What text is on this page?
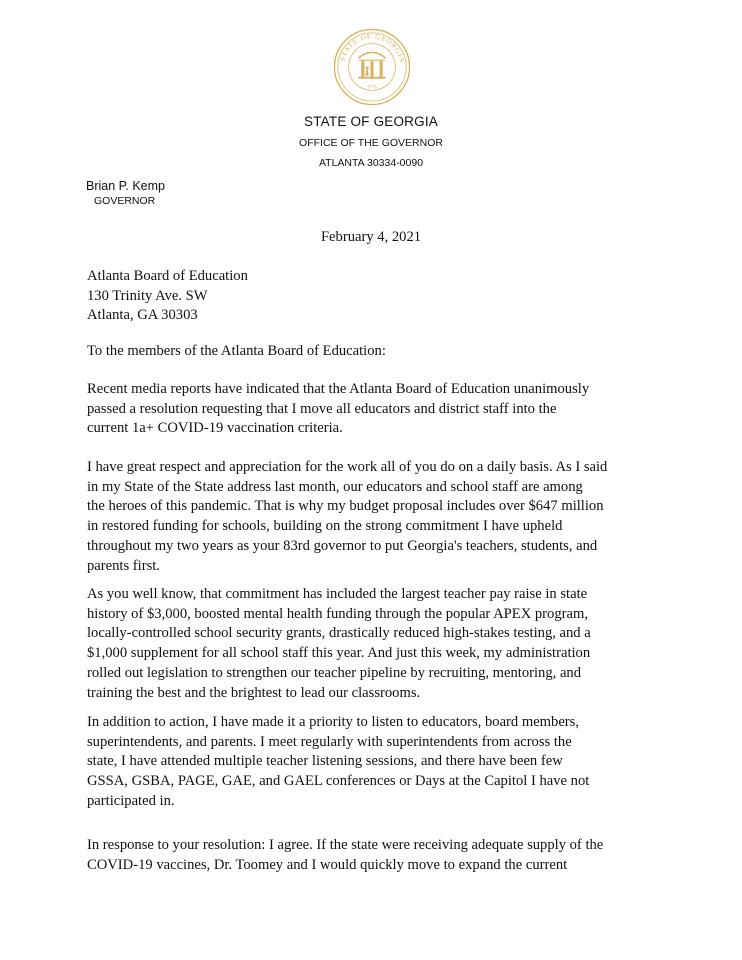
STATE OF GEORGIA
1776
STATE OF GEORGIA
OFFICE OF THE GOVERNOR
ATLANTA 30334-0090
Brian P. Kemp
GOVERNOR
February 4, 2021
Atlanta Board of Education
130 Trinity Ave. SW
Atlanta, GA 30303
To the members of the Atlanta Board of Education:
Recent media reports have indicated that the Atlanta Board of Education unanimously
passed a resolution requesting that I move all educators and district staff into the
current 1a+ COVID-19 vaccination criteria.
I have great respect and appreciation for the work all of you do on a daily basis. As I said
in my State of the State address last month, our educators and school staff are among
the heroes of this pandemic. That is why my budget proposal includes over $647 million
in restored funding for schools, building on the strong commitment I have upheld
throughout my two years as your 83rd governor to put Georgia's teachers, students, and
parents first.
As you well know, that commitment has included the largest teacher pay raise in state
history of $3,000, boosted mental health funding through the popular APEX program,
locally-controlled school security grants, drastically reduced high-stakes testing, and a
$1,000 supplement for all school staff this year. And just this week, my administration
rolled out legislation to strengthen our teacher pipeline by recruiting, mentoring, and
training the best and the brightest to lead our classrooms.
In addition to action, I have made it a priority to listen to educators, board members,
superintendents, and parents. I meet regularly with superintendents from across the
state, I have attended multiple teacher listening sessions, and there have been few
GSSA, GSBA, PAGE, GAE, and GAEL conferences or Days at the Capitol I have not
participated in.
In response to your resolution: I agree. If the state were receiving adequate supply of the
COVID-19 vaccines, Dr. Toomey and I would quickly move to expand the current
